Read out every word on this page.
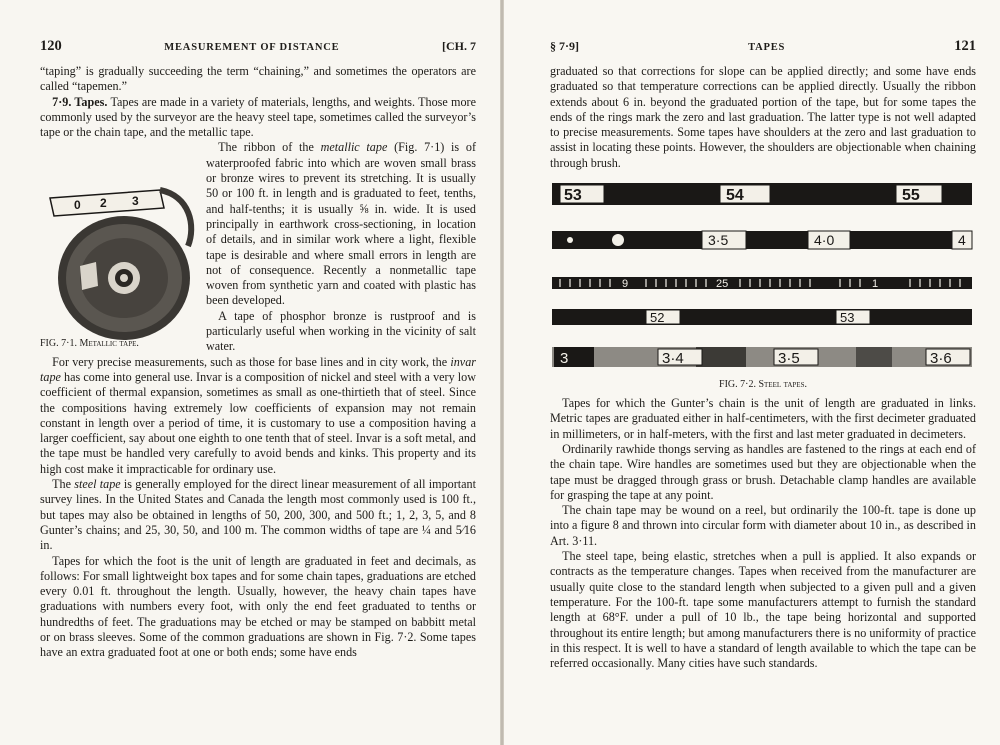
120	MEASUREMENT OF DISTANCE	[CH. 7

“taping” is gradually succeeding the term “chaining,” and sometimes the operators are called “tapemen.”

7·9. Tapes. Tapes are made in a variety of materials, lengths, and weights. Those more commonly used by the surveyor are the heavy steel tape, sometimes called the surveyor’s tape or the chain tape, and the metallic tape.

The ribbon of the metallic tape (Fig. 7·1) is of waterproofed fabric into which are woven small brass or bronze wires to prevent its stretching. It is usually 50 or 100 ft. in length and is graduated to feet, tenths, and half-tenths; it is usually ⅝ in. wide. It is used principally in earthwork cross-sectioning, in location of details, and in similar work where a light, flexible tape is desirable and where small errors in length are not of consequence. Recently a nonmetallic tape woven from synthetic yarn and coated with plastic has been developed.

A tape of phosphor bronze is rustproof and is particularly useful when working in the vicinity of salt water.

For very precise measurements, such as those for base lines and in city work, the invar tape has come into general use. Invar is a composition of nickel and steel with a very low coefficient of thermal expansion, sometimes as small as one-thirtieth that of steel. Since the compositions having extremely low coefficients of expansion may not remain constant in length over a period of time, it is customary to use a composition having a larger coefficient, say about one eighth to one tenth that of steel. Invar is a soft metal, and the tape must be handled very carefully to avoid bends and kinks. This property and its high cost make it impracticable for ordinary use.

The steel tape is generally employed for the direct linear measurement of all important survey lines. In the United States and Canada the length most commonly used is 100 ft., but tapes may also be obtained in lengths of 50, 200, 300, and 500 ft.; 1, 2, 3, 5, and 8 Gunter’s chains; and 25, 30, 50, and 100 m. The common widths of tape are ¼ and 5⁄16 in.

Tapes for which the foot is the unit of length are graduated in feet and decimals, as follows: For small lightweight box tapes and for some chain tapes, graduations are etched every 0.01 ft. throughout the length. Usually, however, the heavy chain tapes have graduations with numbers every foot, with only the end feet graduated to tenths or hundredths of feet. The graduations may be etched or may be stamped on babbitt metal or on brass sleeves. Some of the common graduations are shown in Fig. 7·2. Some tapes have an extra graduated foot at one or both ends; some have ends

§ 7·9]	TAPES	121

graduated so that corrections for slope can be applied directly; and some have ends graduated so that temperature corrections can be applied directly. Usually the ribbon extends about 6 in. beyond the graduated portion of the tape, but for some tapes the ends of the rings mark the zero and last graduation. The latter type is not well adapted to precise measurements. Some tapes have shoulders at the zero and last graduation to assist in locating these points. However, the shoulders are objectionable when chaining through brush.

53	54	55
3·5	4·0	4
9	25	1
52	53
3	3·4	3·5	3·6
FIG. 7·2. Steel tapes.

Tapes for which the Gunter’s chain is the unit of length are graduated in links. Metric tapes are graduated either in half-centimeters, with the first decimeter graduated in millimeters, or in half-meters, with the first and last meter graduated in decimeters.

Ordinarily rawhide thongs serving as handles are fastened to the rings at each end of the chain tape. Wire handles are sometimes used but they are objectionable when the tape must be dragged through grass or brush. Detachable clamp handles are available for grasping the tape at any point.

The chain tape may be wound on a reel, but ordinarily the 100-ft. tape is done up into a figure 8 and thrown into circular form with diameter about 10 in., as described in Art. 3·11.

The steel tape, being elastic, stretches when a pull is applied. It also expands or contracts as the temperature changes. Tapes when received from the manufacturer are usually quite close to the standard length when subjected to a given pull and a given temperature. For the 100-ft. tape some manufacturers attempt to furnish the standard length at 68°F. under a pull of 10 lb., the tape being horizontal and supported throughout its entire length; but among manufacturers there is no uniformity of practice in this respect. It is well to have a standard of length available to which the tape can be referred occasionally. Many cities have such standards.

0 2 3
FIG. 7·1. Metallic tape.
